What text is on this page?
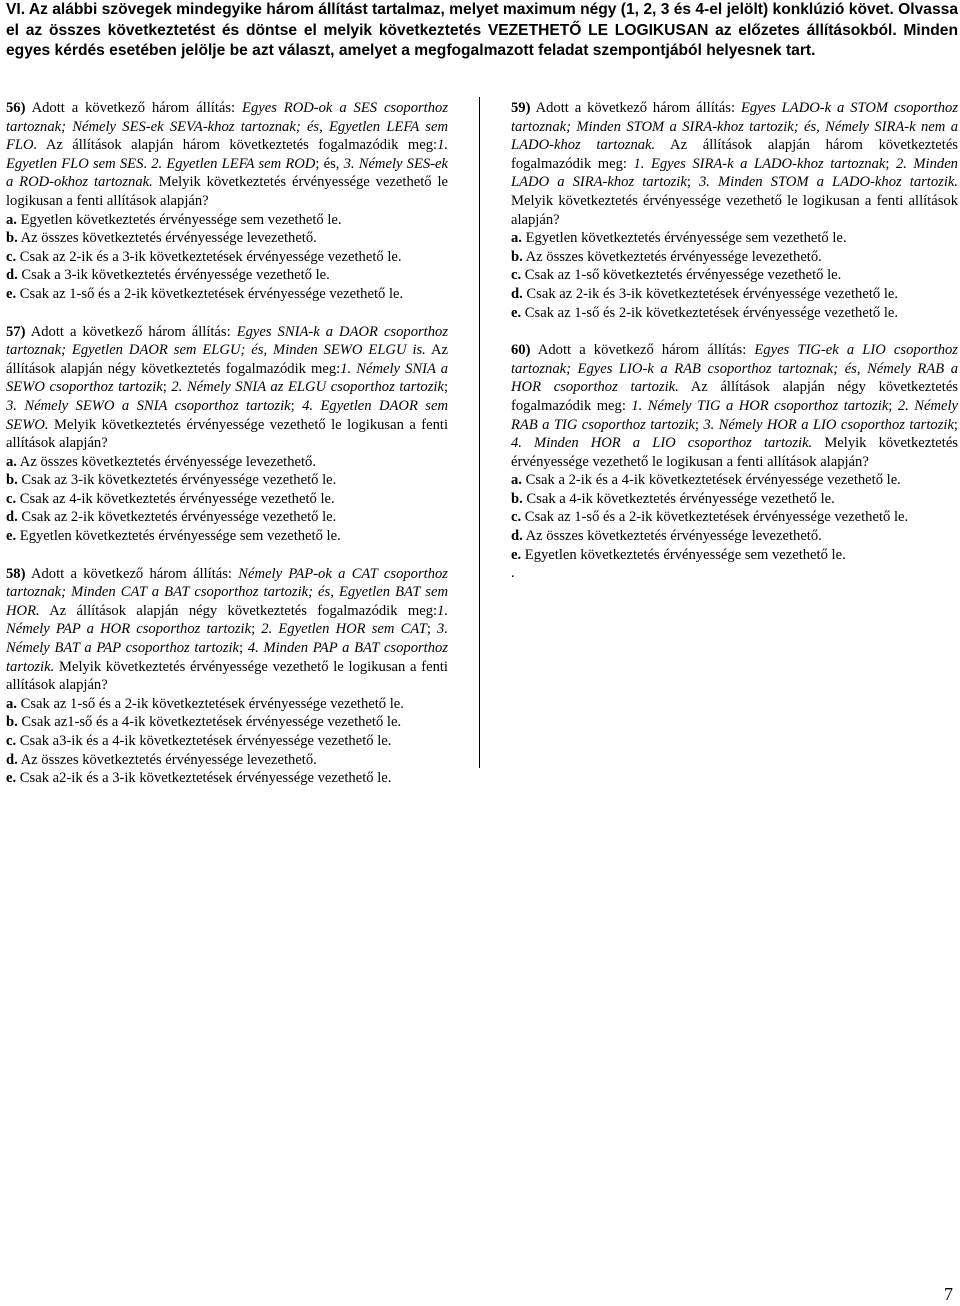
VI. Az alábbi szövegek mindegyike három állítást tartalmaz, melyet maximum négy (1, 2, 3 és 4-el jelölt) konklúzió követ. Olvassa el az összes következtetést és döntse el melyik következtetés VEZETHETŐ LE LOGIKUSAN az előzetes állításokból. Minden egyes kérdés esetében jelölje be azt választ, amelyet a megfogalmazott feladat szempontjából helyesnek tart.

56) Adott a következő három állítás: Egyes ROD-ok a SES csoporthoz tartoznak; Némely SES-ek SEVA-khoz tartoznak; és, Egyetlen LEFA sem FLO. Az állítások alapján három következtetés fogalmazódik meg:1. Egyetlen FLO sem SES. 2. Egyetlen LEFA sem ROD; és, 3. Némely SES-ek a ROD-okhoz tartoznak. Melyik következtetés érvényessége vezethető le logikusan a fenti allítások alapján?

a. Egyetlen következtetés érvényessége sem vezethető le.
b. Az összes következtetés érvényessége levezethető.
c. Csak az 2-ik és a 3-ik következtetések érvényessége vezethető le.
d. Csak a 3-ik következtetés érvényessége vezethető le.
e. Csak az 1-ső és a 2-ik következtetések érvényessége vezethető le.

57) Adott a következő három állítás: Egyes SNIA-k a DAOR csoporthoz tartoznak; Egyetlen DAOR sem ELGU; és, Minden SEWO ELGU is. Az állítások alapján négy következtetés fogalmazódik meg:1. Némely SNIA a SEWO csoporthoz tartozik; 2. Némely SNIA az ELGU csoporthoz tartozik; 3. Némely SEWO a SNIA csoporthoz tartozik; 4. Egyetlen DAOR sem SEWO. Melyik következtetés érvényessége vezethető le logikusan a fenti allítások alapján?

a. Az összes következtetés érvényessége levezethető.
b. Csak az 3-ik következtetés érvényessége vezethető le.
c. Csak az 4-ik következtetés érvényessége vezethető le.
d. Csak az 2-ik következtetés érvényessége vezethető le.
e. Egyetlen következtetés érvényessége sem vezethető le.

58) Adott a következő három állítás: Némely PAP-ok a CAT csoporthoz tartoznak; Minden CAT a BAT csoporthoz tartozik; és, Egyetlen BAT sem HOR. Az állítások alapján négy következtetés fogalmazódik meg:1. Némely PAP a HOR csoporthoz tartozik; 2. Egyetlen HOR sem CAT; 3. Némely BAT a PAP csoporthoz tartozik; 4. Minden PAP a BAT csoporthoz tartozik. Melyik következtetés érvényessége vezethető le logikusan a fenti allítások alapján?

a. Csak az 1-ső és a 2-ik következtetések érvényessége vezethető le.
b. Csak az1-ső és a 4-ik következtetések érvényessége vezethető le.
c. Csak a3-ik és a 4-ik következtetések érvényessége vezethető le.
d. Az összes következtetés érvényessége levezethető.
e. Csak a2-ik és a 3-ik következtetések érvényessége vezethető le.

59) Adott a következő három állítás: Egyes LADO-k a STOM csoporthoz tartoznak; Minden STOM a SIRA-khoz tartozik; és, Némely SIRA-k nem a LADO-khoz tartoznak. Az állítások alapján három következtetés fogalmazódik meg: 1. Egyes SIRA-k a LADO-khoz tartoznak; 2. Minden LADO a SIRA-khoz tartozik; 3. Minden STOM a LADO-khoz tartozik. Melyik következtetés érvényessége vezethető le logikusan a fenti allítások alapján?

a. Egyetlen következtetés érvényessége sem vezethető le.
b. Az összes következtetés érvényessége levezethető.
c. Csak az 1-ső következtetés érvényessége vezethető le.
d. Csak az 2-ik és 3-ik következtetések érvényessége vezethető le.
e. Csak az 1-ső és 2-ik következtetések érvényessége vezethető le.

60) Adott a következő három állítás: Egyes TIG-ek a LIO csoporthoz tartoznak; Egyes LIO-k a RAB csoporthoz tartoznak; és, Némely RAB a HOR csoporthoz tartozik. Az állítások alapján négy következtetés fogalmazódik meg: 1. Némely TIG a HOR csoporthoz tartozik; 2. Némely RAB a TIG csoporthoz tartozik; 3. Némely HOR a LIO csoporthoz tartozik; 4. Minden HOR a LIO csoporthoz tartozik. Melyik következtetés érvényessége vezethető le logikusan a fenti allítások alapján?

a. Csak a 2-ik és a 4-ik következtetések érvényessége vezethető le.
b. Csak a 4-ik következtetés érvényessége vezethető le.
c. Csak az 1-ső és a 2-ik következtetések érvényessége vezethető le.
d. Az összes következtetés érvényessége levezethető.
e. Egyetlen következtetés érvényessége sem vezethető le.
.
7
